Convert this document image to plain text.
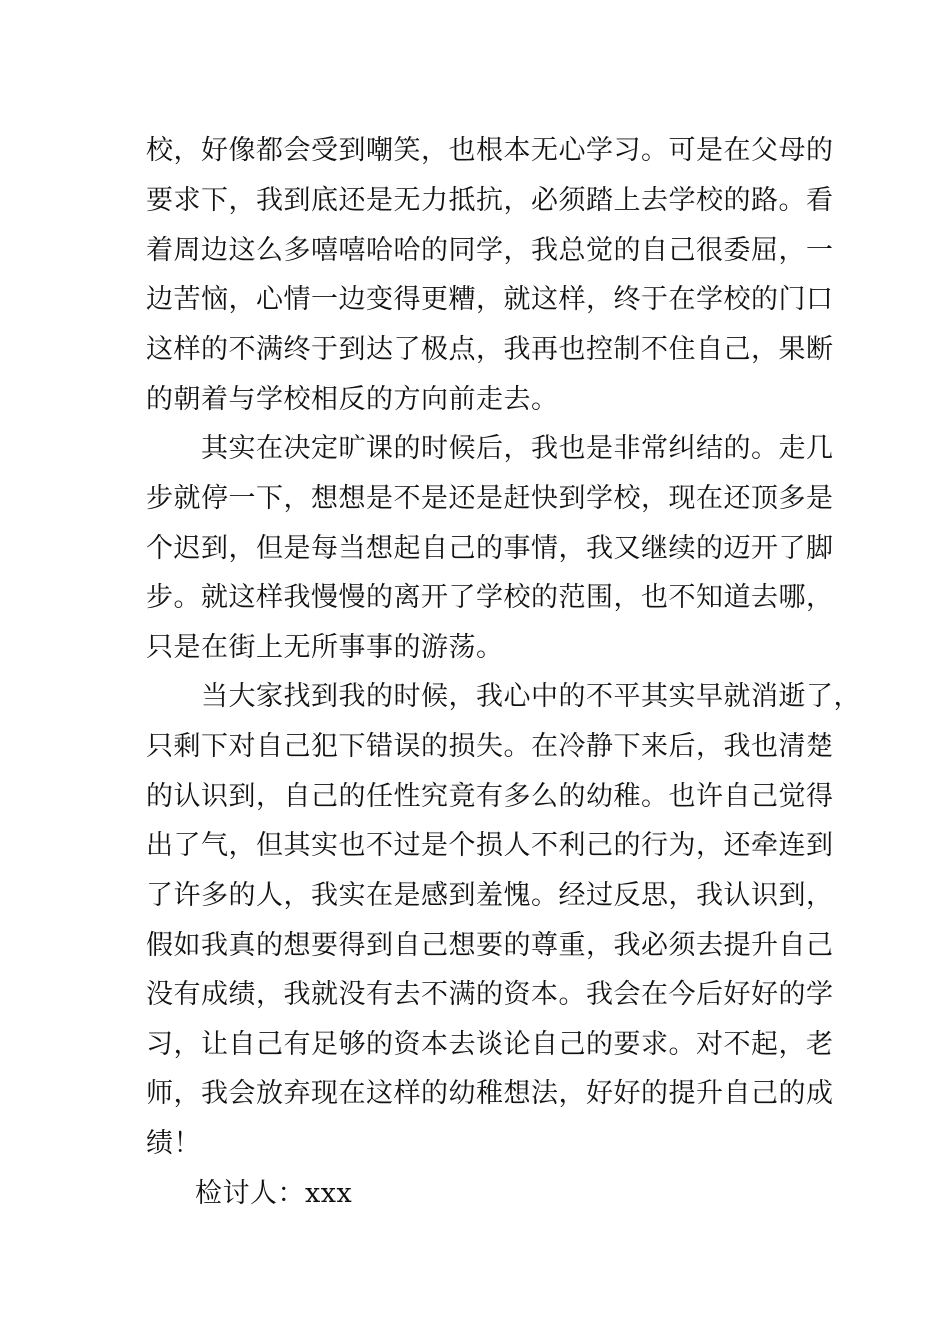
校，好像都会受到嘲笑，也根本无心学习。可是在父母的
要求下，我到底还是无力抵抗，必须踏上去学校的路。看
着周边这么多嘻嘻哈哈的同学，我总觉的自己很委屈，一
边苦恼，心情一边变得更糟，就这样，终于在学校的门口
这样的不满终于到达了极点，我再也控制不住自己，果断
的朝着与学校相反的方向前走去。
其实在决定旷课的时候后，我也是非常纠结的。走几
步就停一下，想想是不是还是赶快到学校，现在还顶多是
个迟到，但是每当想起自己的事情，我又继续的迈开了脚
步。就这样我慢慢的离开了学校的范围，也不知道去哪，
只是在街上无所事事的游荡。
当大家找到我的时候，我心中的不平其实早就消逝了，
只剩下对自己犯下错误的损失。在冷静下来后，我也清楚
的认识到，自己的任性究竟有多么的幼稚。也许自己觉得
出了气，但其实也不过是个损人不利己的行为，还牵连到
了许多的人，我实在是感到羞愧。经过反思，我认识到，
假如我真的想要得到自己想要的尊重，我必须去提升自己
没有成绩，我就没有去不满的资本。我会在今后好好的学
习，让自己有足够的资本去谈论自己的要求。对不起，老
师，我会放弃现在这样的幼稚想法，好好的提升自己的成
绩！
检讨人：xxx
